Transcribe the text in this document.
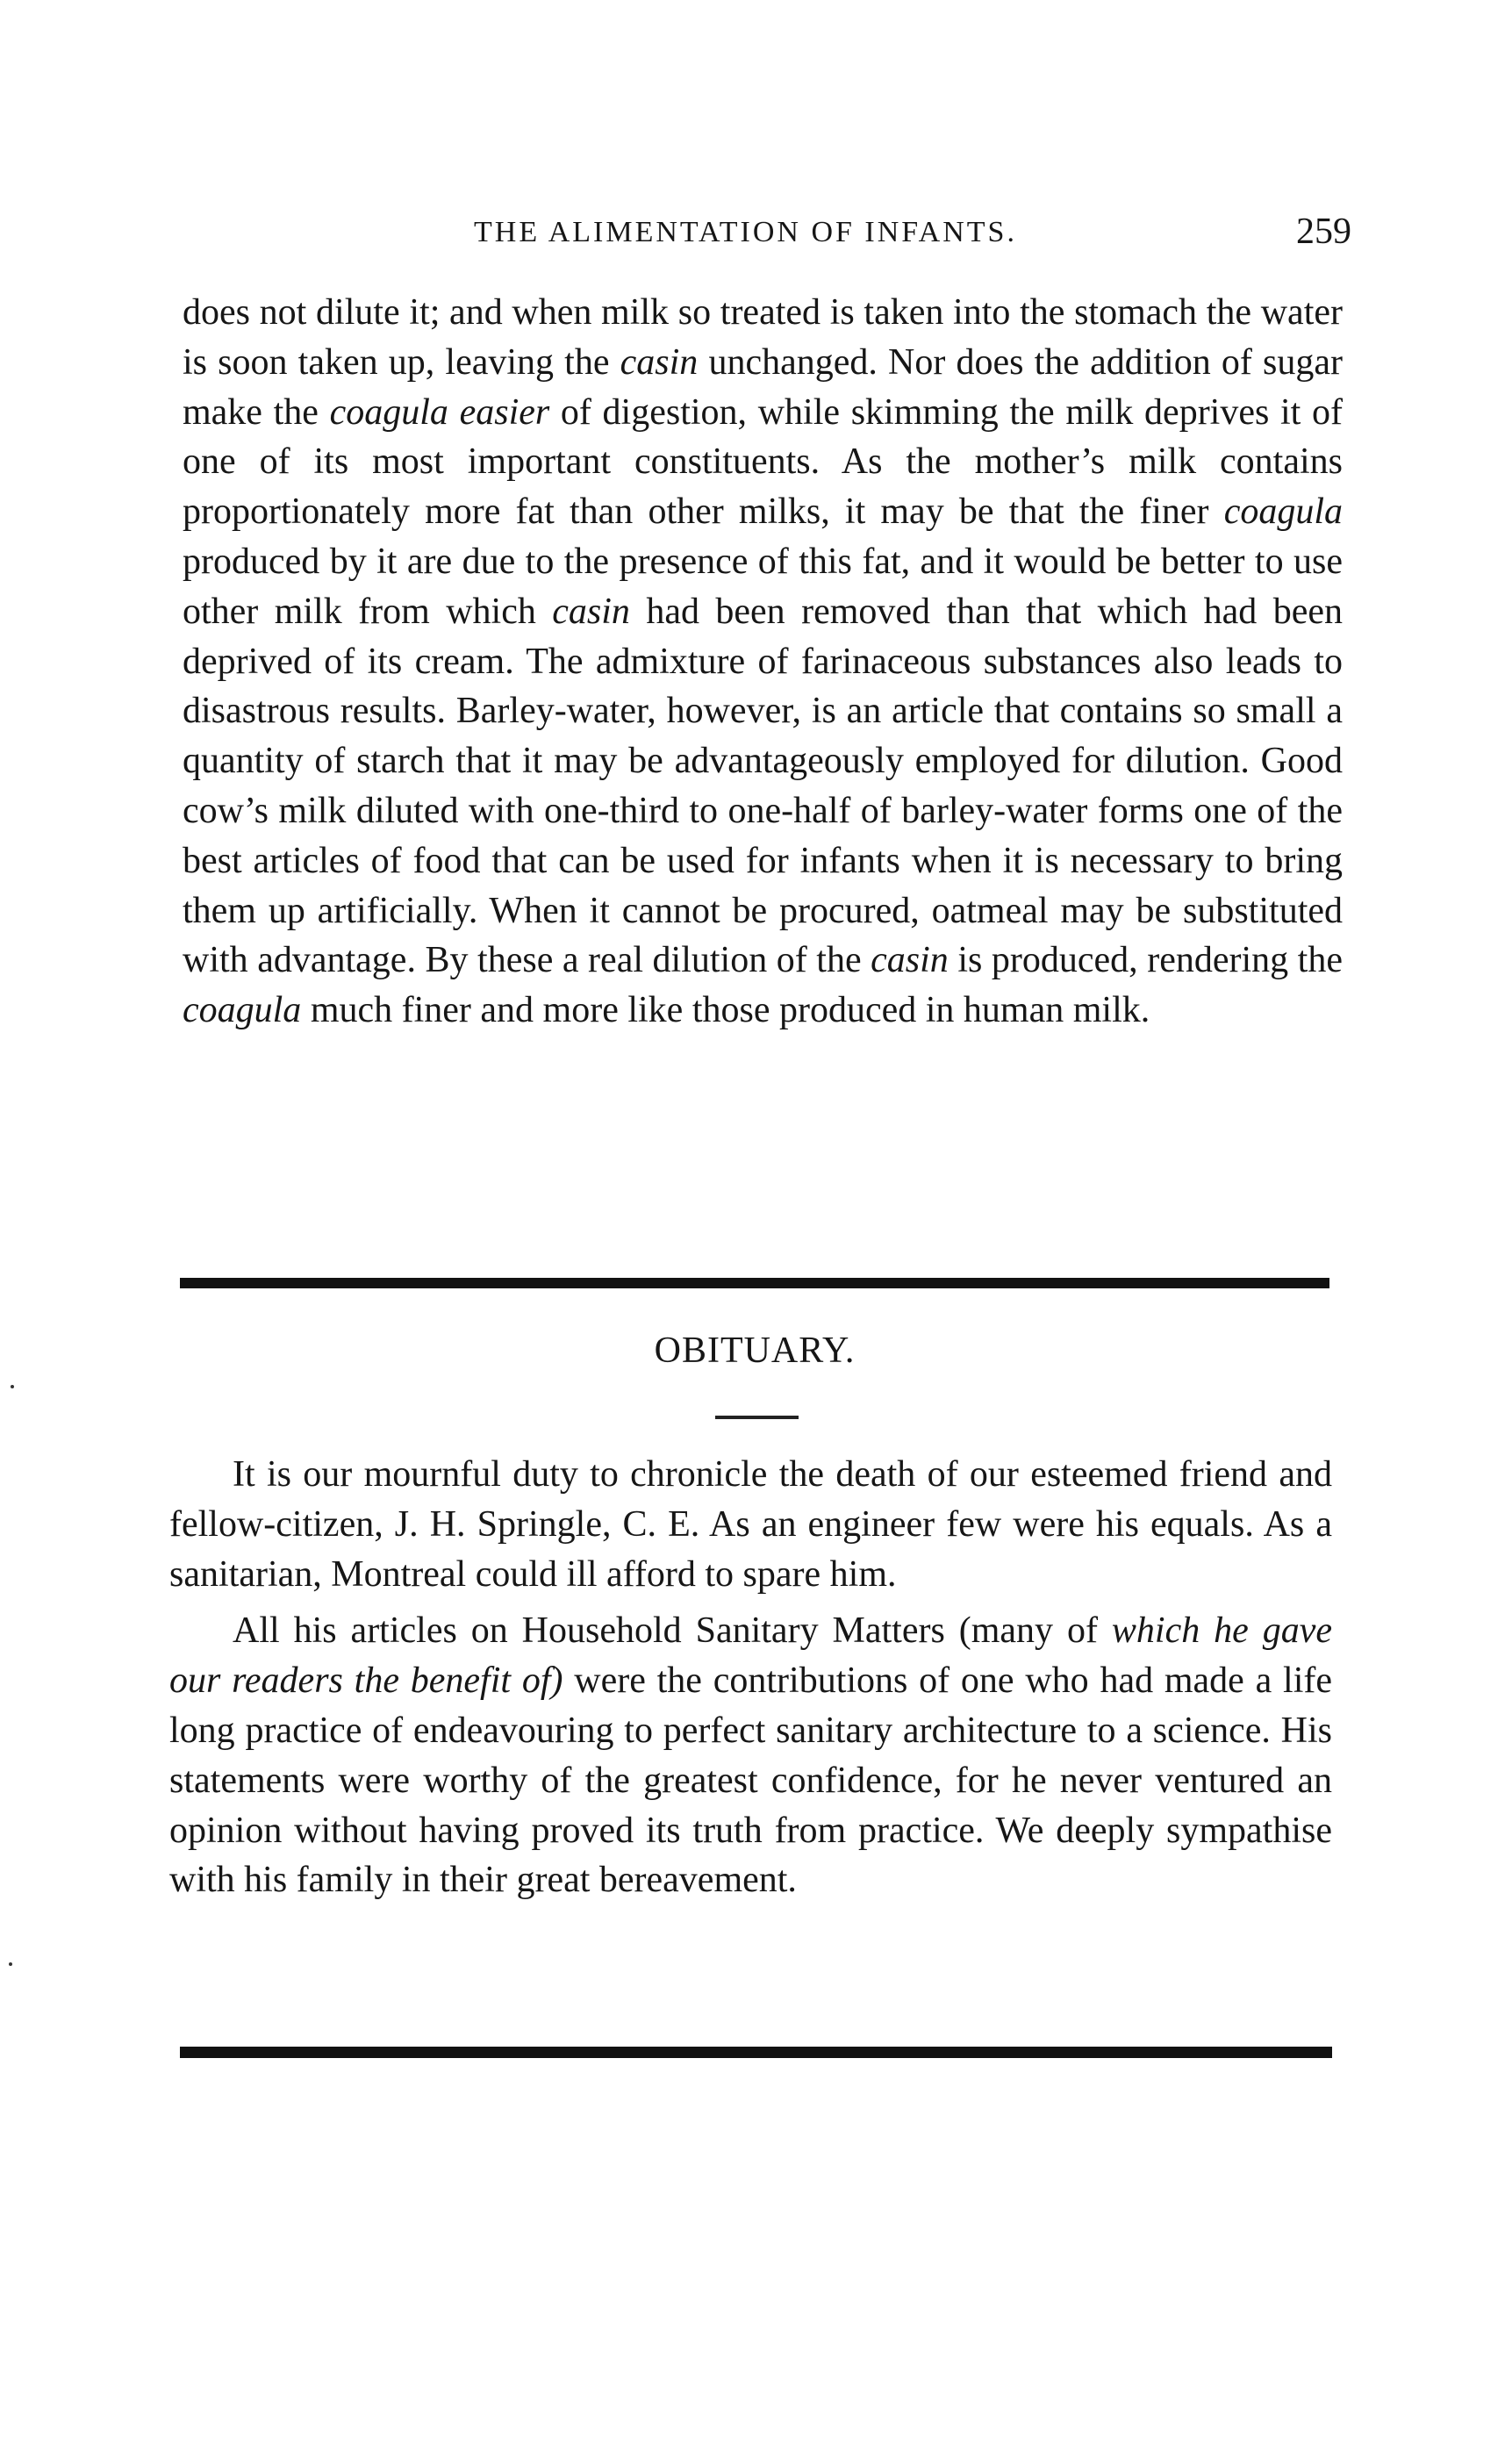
THE ALIMENTATION OF INFANTS.	259

does not dilute it; and when milk so treated is taken into the stomach the water is soon taken up, leaving the casin unchanged. Nor does the addition of sugar make the coagula easier of digestion, while skimming the milk deprives it of one of its most important constituents. As the mother’s milk contains proportionately more fat than other milks, it may be that the finer coagula produced by it are due to the presence of this fat, and it would be better to use other milk from which casin had been removed than that which had been deprived of its cream. The admixture of farinaceous substances also leads to disastrous results. Barley-water, however, is an article that contains so small a quantity of starch that it may be advantageously employed for dilution. Good cow’s milk diluted with one-third to one-half of barley-water forms one of the best articles of food that can be used for infants when it is necessary to bring them up artificially. When it cannot be procured, oatmeal may be substituted with advantage. By these a real dilution of the casin is produced, rendering the coagula much finer and more like those produced in human milk.

OBITUARY.

It is our mournful duty to chronicle the death of our esteemed friend and fellow-citizen, J. H. Springle, C. E. As an engineer few were his equals. As a sanitarian, Montreal could ill afford to spare him.

All his articles on Household Sanitary Matters (many of which he gave our readers the benefit of) were the contributions of one who had made a life long practice of endeavouring to perfect sanitary architecture to a science. His statements were worthy of the greatest confidence, for he never ventured an opinion without having proved its truth from practice. We deeply sympathise with his family in their great bereavement.
